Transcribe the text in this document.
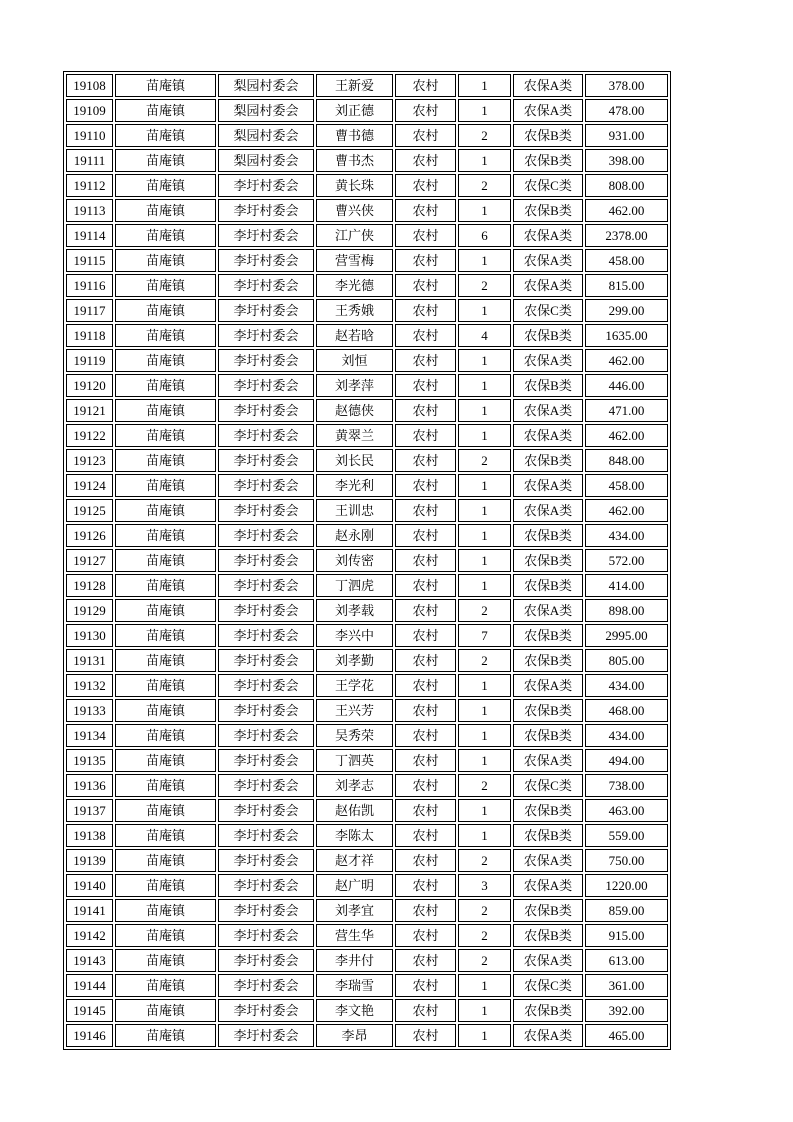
19108	苗庵镇	梨园村委会	王新爱	农村	1	农保A类	378.00
19109	苗庵镇	梨园村委会	刘正德	农村	1	农保A类	478.00
19110	苗庵镇	梨园村委会	曹书德	农村	2	农保B类	931.00
19111	苗庵镇	梨园村委会	曹书杰	农村	1	农保B类	398.00
19112	苗庵镇	李圩村委会	黄长珠	农村	2	农保C类	808.00
19113	苗庵镇	李圩村委会	曹兴侠	农村	1	农保B类	462.00
19114	苗庵镇	李圩村委会	江广侠	农村	6	农保A类	2378.00
19115	苗庵镇	李圩村委会	营雪梅	农村	1	农保A类	458.00
19116	苗庵镇	李圩村委会	李光德	农村	2	农保A类	815.00
19117	苗庵镇	李圩村委会	王秀娥	农村	1	农保C类	299.00
19118	苗庵镇	李圩村委会	赵若晗	农村	4	农保B类	1635.00
19119	苗庵镇	李圩村委会	刘恒	农村	1	农保A类	462.00
19120	苗庵镇	李圩村委会	刘孝萍	农村	1	农保B类	446.00
19121	苗庵镇	李圩村委会	赵德侠	农村	1	农保A类	471.00
19122	苗庵镇	李圩村委会	黄翠兰	农村	1	农保A类	462.00
19123	苗庵镇	李圩村委会	刘长民	农村	2	农保B类	848.00
19124	苗庵镇	李圩村委会	李光利	农村	1	农保A类	458.00
19125	苗庵镇	李圩村委会	王训忠	农村	1	农保A类	462.00
19126	苗庵镇	李圩村委会	赵永刚	农村	1	农保B类	434.00
19127	苗庵镇	李圩村委会	刘传密	农村	1	农保B类	572.00
19128	苗庵镇	李圩村委会	丁泗虎	农村	1	农保B类	414.00
19129	苗庵镇	李圩村委会	刘孝载	农村	2	农保A类	898.00
19130	苗庵镇	李圩村委会	李兴中	农村	7	农保B类	2995.00
19131	苗庵镇	李圩村委会	刘孝勤	农村	2	农保B类	805.00
19132	苗庵镇	李圩村委会	王学花	农村	1	农保A类	434.00
19133	苗庵镇	李圩村委会	王兴芳	农村	1	农保B类	468.00
19134	苗庵镇	李圩村委会	吴秀荣	农村	1	农保B类	434.00
19135	苗庵镇	李圩村委会	丁泗英	农村	1	农保A类	494.00
19136	苗庵镇	李圩村委会	刘孝志	农村	2	农保C类	738.00
19137	苗庵镇	李圩村委会	赵佑凯	农村	1	农保B类	463.00
19138	苗庵镇	李圩村委会	李陈太	农村	1	农保B类	559.00
19139	苗庵镇	李圩村委会	赵才祥	农村	2	农保A类	750.00
19140	苗庵镇	李圩村委会	赵广明	农村	3	农保A类	1220.00
19141	苗庵镇	李圩村委会	刘孝宜	农村	2	农保B类	859.00
19142	苗庵镇	李圩村委会	营生华	农村	2	农保B类	915.00
19143	苗庵镇	李圩村委会	李井付	农村	2	农保A类	613.00
19144	苗庵镇	李圩村委会	李瑞雪	农村	1	农保C类	361.00
19145	苗庵镇	李圩村委会	李文艳	农村	1	农保B类	392.00
19146	苗庵镇	李圩村委会	李昂	农村	1	农保A类	465.00
